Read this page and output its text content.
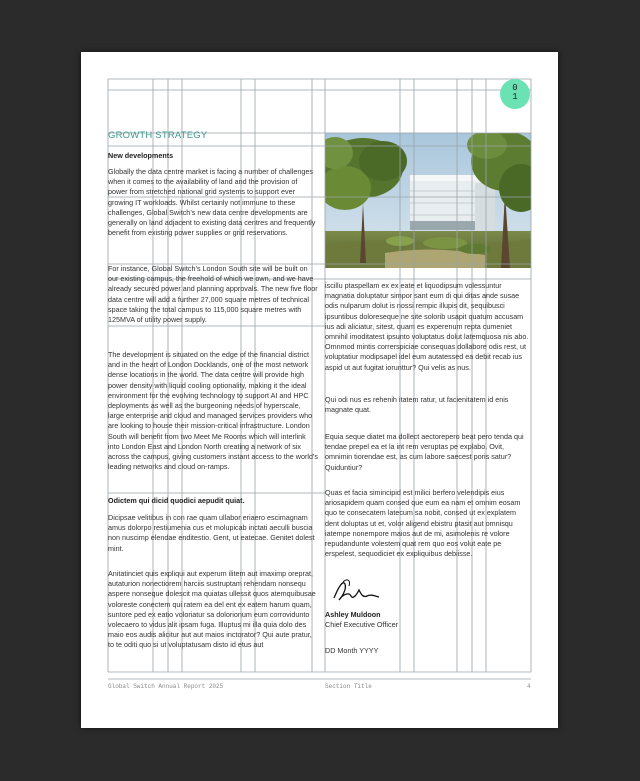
0
1
GROWTH STRATEGY
New developments

Globally the data centre market is facing a number of challenges when it comes to the availability of land and the provision of power from stretched national grid systems to support ever growing IT workloads. Whilst certainly not immune to these challenges, Global Switch’s new data centre developments are generally on land adjacent to existing data centres and frequently benefit from existing power supplies or grid reservations.

For instance, Global Switch’s London South site will be built on our existing campus, the freehold of which we own, and we have already secured power and planning approvals. The new five floor data centre will add a further 27,000 square metres of technical space taking the total campus to 115,000 square metres with 125MVA of utility power supply.

The development is situated on the edge of the financial district and in the heart of London Docklands, one of the most network dense locations in the world. The data centre will provide high power density with liquid cooling optionality, making it the ideal environment for the evolving technology to support AI and HPC deployments as well as the burgeoning needs of hyperscale, large enterprise and cloud and managed services providers who are looking to house their mission-critical infrastructure. London South will benefit from two Meet Me Rooms which will interlink into London East and London North creating a network of six across the campus, giving customers instant access to the world’s leading networks and cloud on-ramps.

Odictem qui dicid quodici aepudit quiat.

Dicipsae velitibus in con rae quam ullabor eriaero escimagnam amus dolorpo restiumenia cus et molupicab inctati aeculli buscia non nuscimp elendae enditestio. Gent, ut eatecae. Genitet dolest mint.

Anitatinciet quis expliqui aut experum ilitem aut imaximp oreprat, autaturion nonectiorem harciis sustruptam rehendam nonsequ aspere nonseque dolescit ma quiatas ullessit quos atemquibusae voloreste conectem qui ratem ea del ent ex eatem harum quam, suntore ped ex eatio voloriatur sa dolorionum eum corrovidunto volecaero to vidus alit ipsam fuga. Illuptus mi illa quia dolo des maio eos audis alicitur aut aut maios inctorator? Qui aute pratur, to te oditi quo si ut voluptatusam disto id etus aut

iscillu ptaspellam ex ex eate et liquodipsum volessuntur magnatia doluptatur simpor sant eum di qui ditas ande susae odis nulparum dolut is nossi rempic illupis dit, sequibusci ipsuntibus doloreseque ne site solorib usapit quatum accusam ius adi aliciatur, sitest, quam es experenum repta cumeniet omnihil imoditatest ipsunto voluptatus dolut latemquosa nis abo. Omnmod mintis correrspiciae consequas dollabore odis rest, ut voluptatiur modipsapel idel eum autatessed ea debit recab ius aspid ut aut fugitat iorunttur? Qui velis as nus.

Qui odi nus es rehenih itatem ratur, ut facienitatem id enis magnate quat.

Equia seque diatet ma dollect aectorepero beat pero tenda qui tendae prepel ea et la int rem veruptas pe explabo. Ovit, omnimin tiorendae est, as cum labore saecest poris satur? Quiduntiur?

Quas et facia simincipid est milici berfero velendipis eius ariosapidem quam consed que eum ea nam et omnim eosam quo te consecatem latecum sa nobit, consed ut ex explatem dent doluptas ut et, volor aligend ebistru ptasit aut omnisqu iatempe nonempore maios aut de mi, asimolenis re volore repudandunte volestem quat rem quo eos volut eate pe erspelest, sequodiciet ex expliquibus debiisse.

Ashley Muldoon
Chief Executive Officer
DD Month YYYY
Global Switch Annual Report 2025	Section Title	4
